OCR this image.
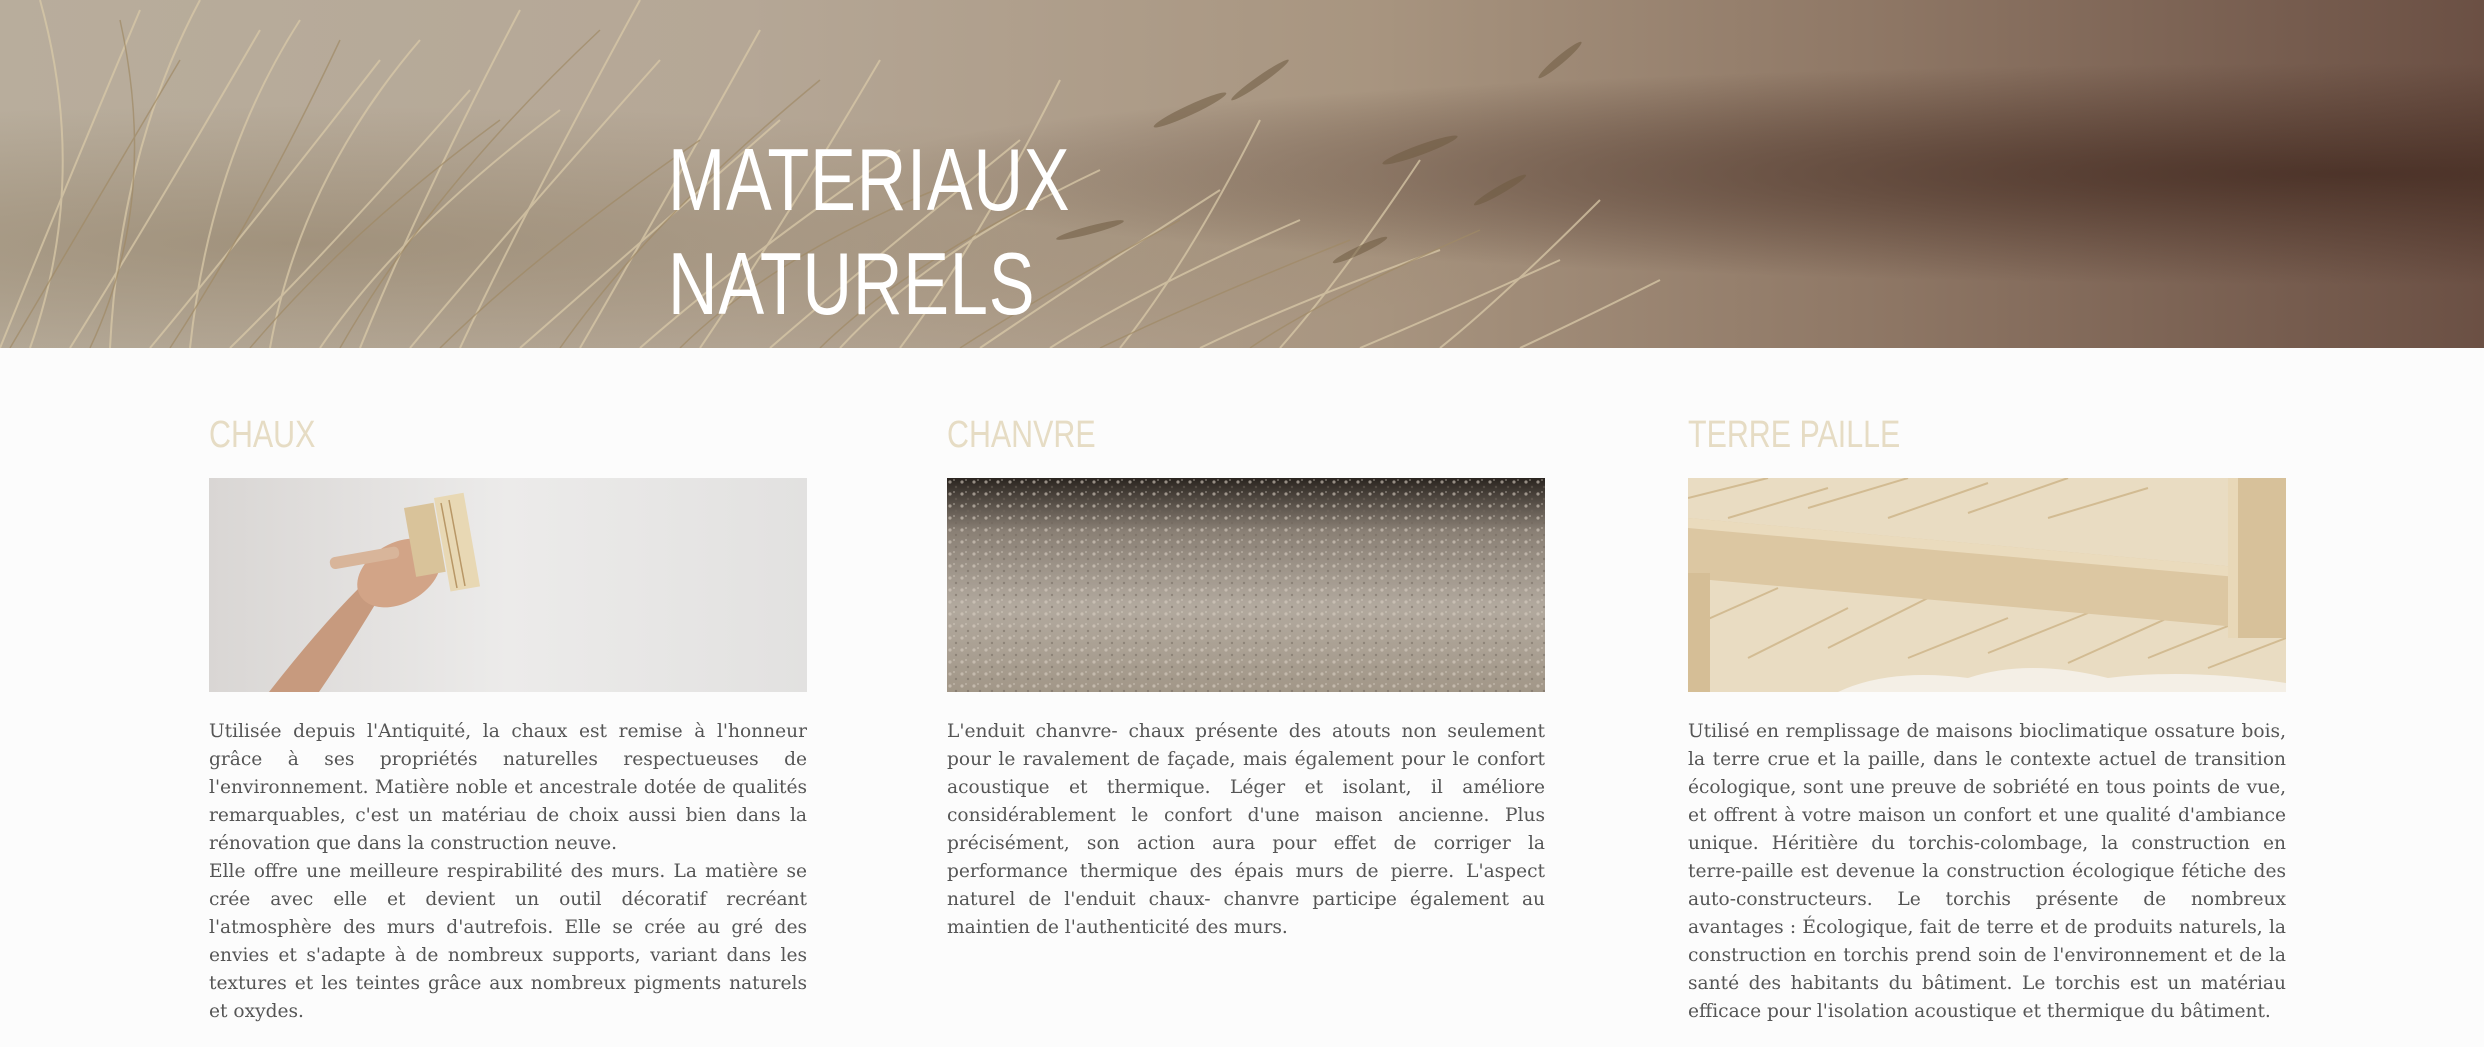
MATERIAUX
NATURELS
CHAUX

Utilisée depuis l'Antiquité, la chaux est remise à l'honneur grâce à ses propriétés naturelles respectueuses de l'environnement. Matière noble et ancestrale dotée de qualités remarquables, c'est un matériau de choix aussi bien dans la rénovation que dans la construction neuve.

Elle offre une meilleure respirabilité des murs. La matière se crée avec elle et devient un outil décoratif recréant l'atmosphère des murs d'autrefois. Elle se crée au gré des envies et s'adapte à de nombreux supports, variant dans les textures et les teintes grâce aux nombreux pigments naturels et oxydes.

CHANVRE

L'enduit chanvre- chaux présente des atouts non seulement pour le ravalement de façade, mais également pour le confort acoustique et thermique. Léger et isolant, il améliore considérablement le confort d'une maison ancienne. Plus précisément, son action aura pour effet de corriger la performance thermique des épais murs de pierre. L'aspect naturel de l'enduit chaux- chanvre participe également au maintien de l'authenticité des murs.

TERRE PAILLE

Utilisé en remplissage de maisons bioclimatique ossature bois, la terre crue et la paille, dans le contexte actuel de transition écologique, sont une preuve de sobriété en tous points de vue, et offrent à votre maison un confort et une qualité d'ambiance unique. Héritière du torchis-colombage, la construction en terre-paille est devenue la construction écologique fétiche des auto-constructeurs. Le torchis présente de nombreux avantages : Écologique, fait de terre et de produits naturels, la construction en torchis prend soin de l'environnement et de la santé des habitants du bâtiment. Le torchis est un matériau efficace pour l'isolation acoustique et thermique du bâtiment.
